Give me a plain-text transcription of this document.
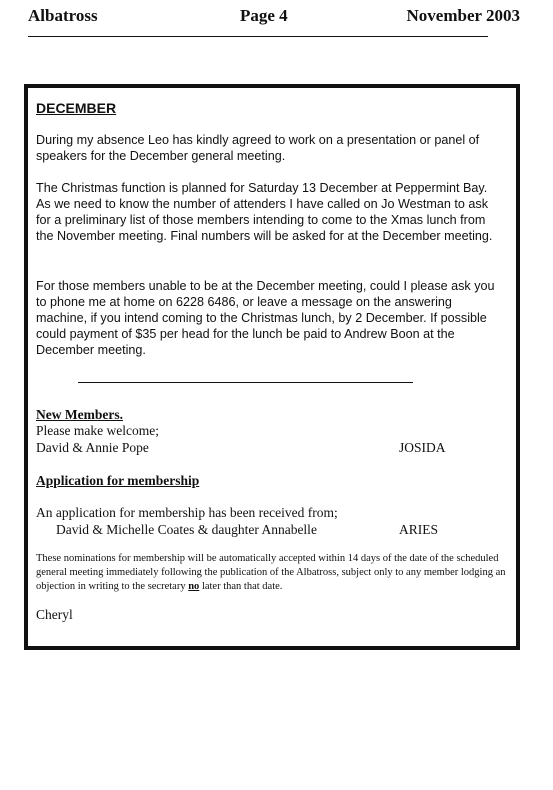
Albatross	Page 4	November 2003

DECEMBER

During my absence Leo has kindly agreed to work on a presentation or panel of speakers for the December general meeting.

The Christmas function is planned for Saturday 13 December at Peppermint Bay. As we need to know the number of attenders I have called on Jo Westman to ask for a preliminary list of those members intending to come to the Xmas lunch from the November meeting. Final numbers will be asked for at the December meeting.

For those members unable to be at the December meeting, could I please ask you to phone me at home on 6228 6486, or leave a message on the answering machine, if you intend coming to the Christmas lunch, by 2 December. If possible could payment of $35 per head for the lunch be paid to Andrew Boon at the December meeting.

New Members.

Please make welcome;

David & Annie Pope	JOSIDA

Application for membership

An application for membership has been received from;

David & Michelle Coates & daughter Annabelle	ARIES

These nominations for membership will be automatically accepted within 14 days of the date of the scheduled general meeting immediately following the publication of the Albatross, subject only to any member lodging an objection in writing to the secretary no later than that date.

Cheryl
